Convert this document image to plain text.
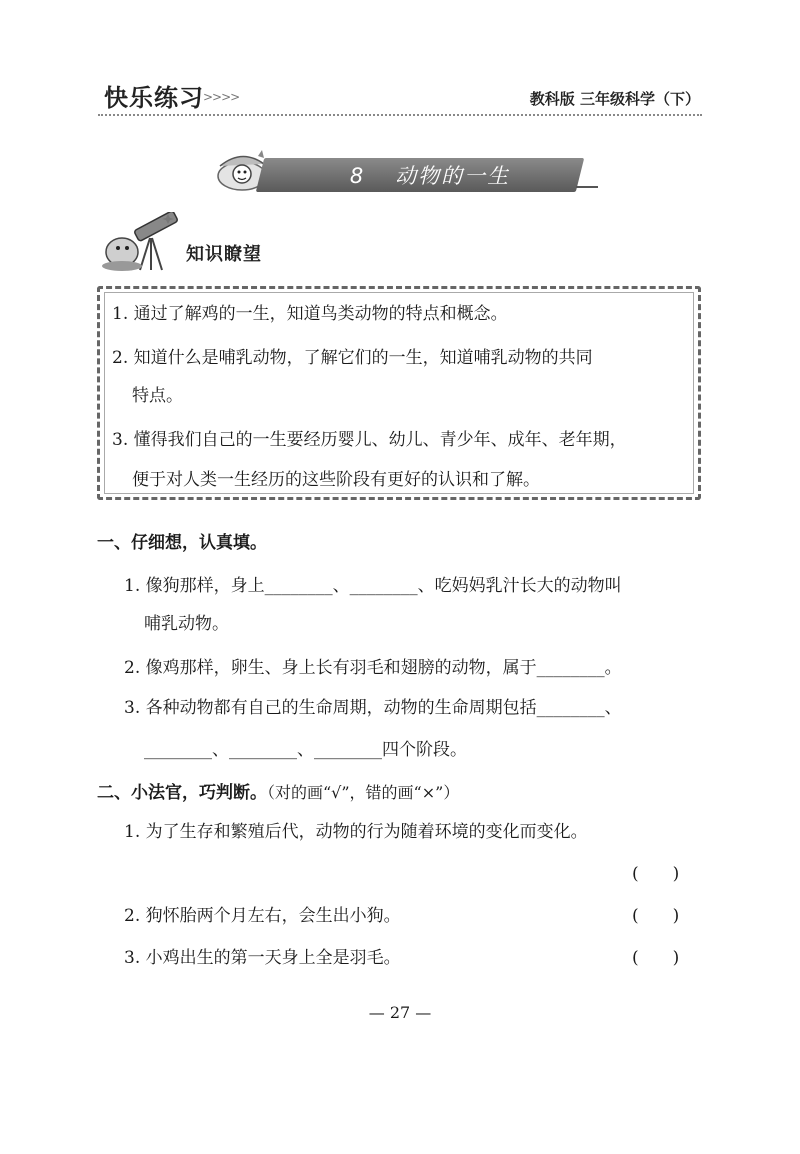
快乐练习 >>>>	教科版 三年级科学（下）
8 动物的一生
知识瞭望
1. 通过了解鸡的一生，知道鸟类动物的特点和概念。
2. 知道什么是哺乳动物，了解它们的一生，知道哺乳动物的共同
特点。
3. 懂得我们自己的一生要经历婴儿、幼儿、青少年、成年、老年期，
便于对人类一生经历的这些阶段有更好的认识和了解。
一、仔细想，认真填。
1. 像狗那样，身上________、________、吃妈妈乳汁长大的动物叫
哺乳动物。
2. 像鸡那样，卵生、身上长有羽毛和翅膀的动物，属于________。
3. 各种动物都有自己的生命周期，动物的生命周期包括________、
________、________、________四个阶段。
二、小法官，巧判断。（对的画“√”，错的画“×”）
1. 为了生存和繁殖后代，动物的行为随着环境的变化而变化。
(　　)
2. 狗怀胎两个月左右，会生出小狗。	(　　)
3. 小鸡出生的第一天身上全是羽毛。	(　　)
— 27 —
